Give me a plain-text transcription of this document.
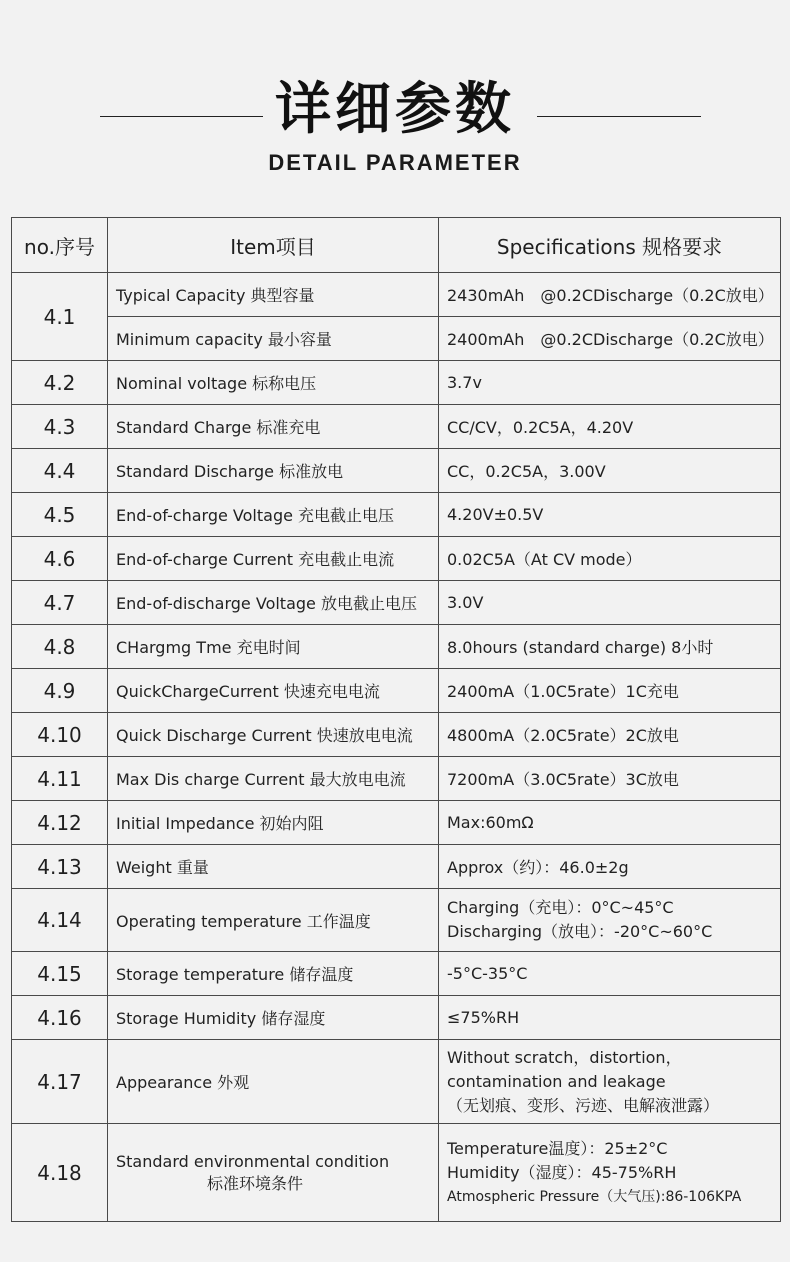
详细参数
DETAIL PARAMETER
no.序号	Item项目	Specifications 规格要求
4.1	Typical Capacity 典型容量	2430mAh　@0.2CDischarge（0.2C放电）
	Minimum capacity 最小容量	2400mAh　@0.2CDischarge（0.2C放电）
4.2	Nominal voltage 标称电压	3.7v
4.3	Standard Charge 标准充电	CC/CV，0.2C5A，4.20V
4.4	Standard Discharge 标准放电	CC，0.2C5A，3.00V
4.5	End-of-charge Voltage 充电截止电压	4.20V±0.5V
4.6	End-of-charge Current 充电截止电流	0.02C5A（At CV mode）
4.7	End-of-discharge Voltage 放电截止电压	3.0V
4.8	CHargmg Tme 充电时间	8.0hours (standard charge) 8小时
4.9	QuickChargeCurrent 快速充电电流	2400mA（1.0C5rate）1C充电
4.10	Quick Discharge Current 快速放电电流	4800mA（2.0C5rate）2C放电
4.11	Max Dis charge Current 最大放电电流	7200mA（3.0C5rate）3C放电
4.12	Initial Impedance 初始内阻	Max:60mΩ
4.13	Weight 重量	Approx（约）：46.0±2g
4.14	Operating temperature 工作温度	Charging（充电）：0°C~45°C
Discharging（放电）：-20°C~60°C

4.15	Storage temperature 储存温度	-5°C-35°C
4.16	Storage Humidity 储存湿度	≤75%RH
4.17	Appearance 外观	Without scratch，distortion，
contamination and leakage
（无划痕、变形、污迹、电解液泄露）

4.18	Standard environmental condition
标准环境条件	Temperature温度）：25±2°C
Humidity（湿度）：45-75%RH
Atmospheric Pressure（大气压):86-106KPA
